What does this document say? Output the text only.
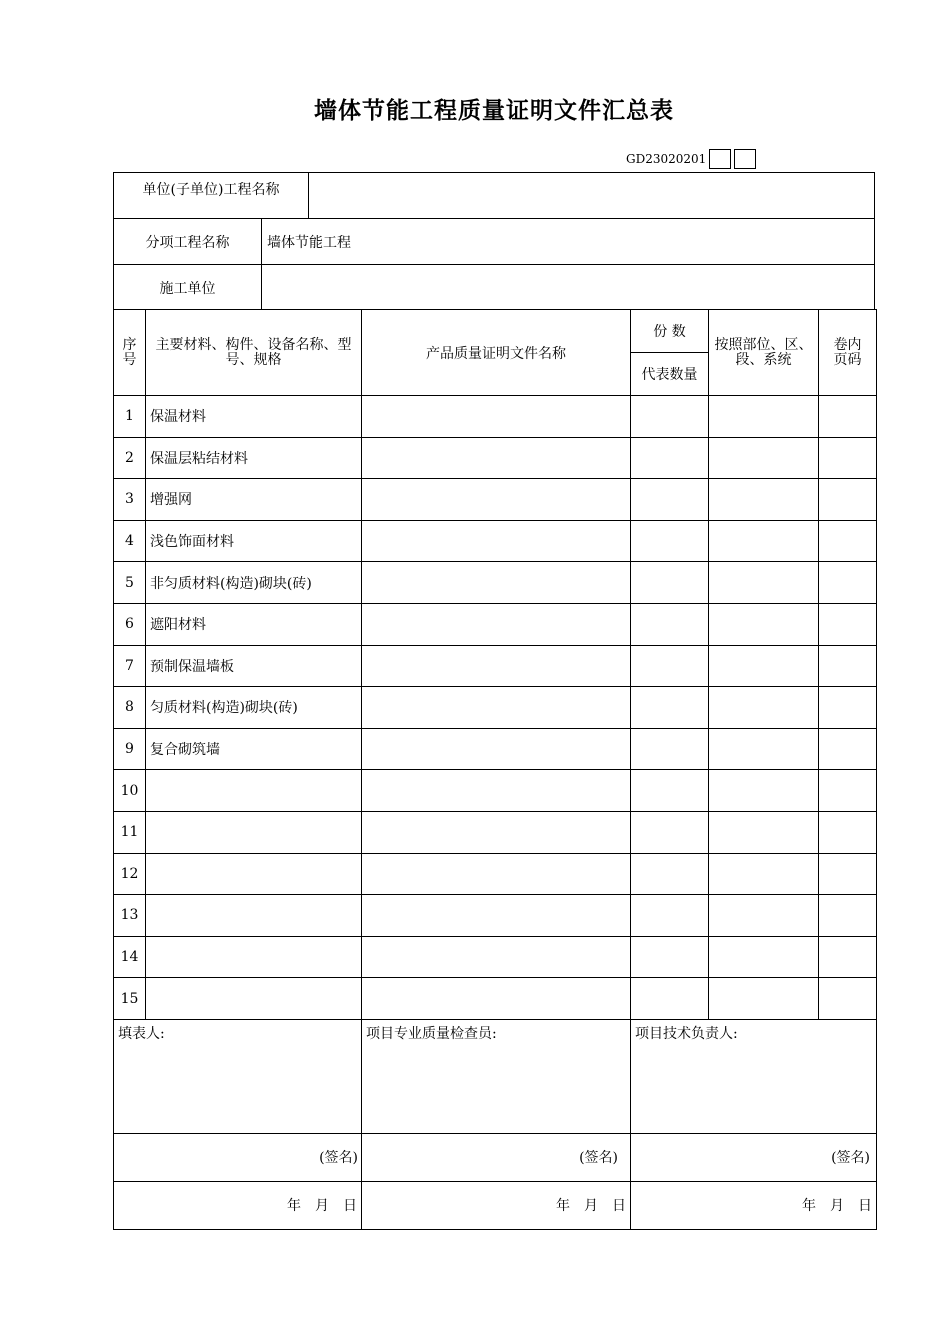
墙体节能工程质量证明文件汇总表
GD23020201
单位(子单位)工程名称
分项工程名称	墙体节能工程
施工单位
序号	主要材料、构件、设备名称、型号、规格	产品质量证明文件名称	份 数	按照部位、区、段、系统	卷内页码
			代表数量		
1	保温材料				
2	保温层粘结材料				
3	增强网				
4	浅色饰面材料				
5	非匀质材料(构造)砌块(砖)				
6	遮阳材料				
7	预制保温墙板				
8	匀质材料(构造)砌块(砖)				
9	复合砌筑墙				
10					
11					
12					
13					
14					
15					
填表人:		项目专业质量检查员:	项目技术负责人:		
(签名)		(签名)	(签名)		
年　月　日		年　月　日	年　月　日		
